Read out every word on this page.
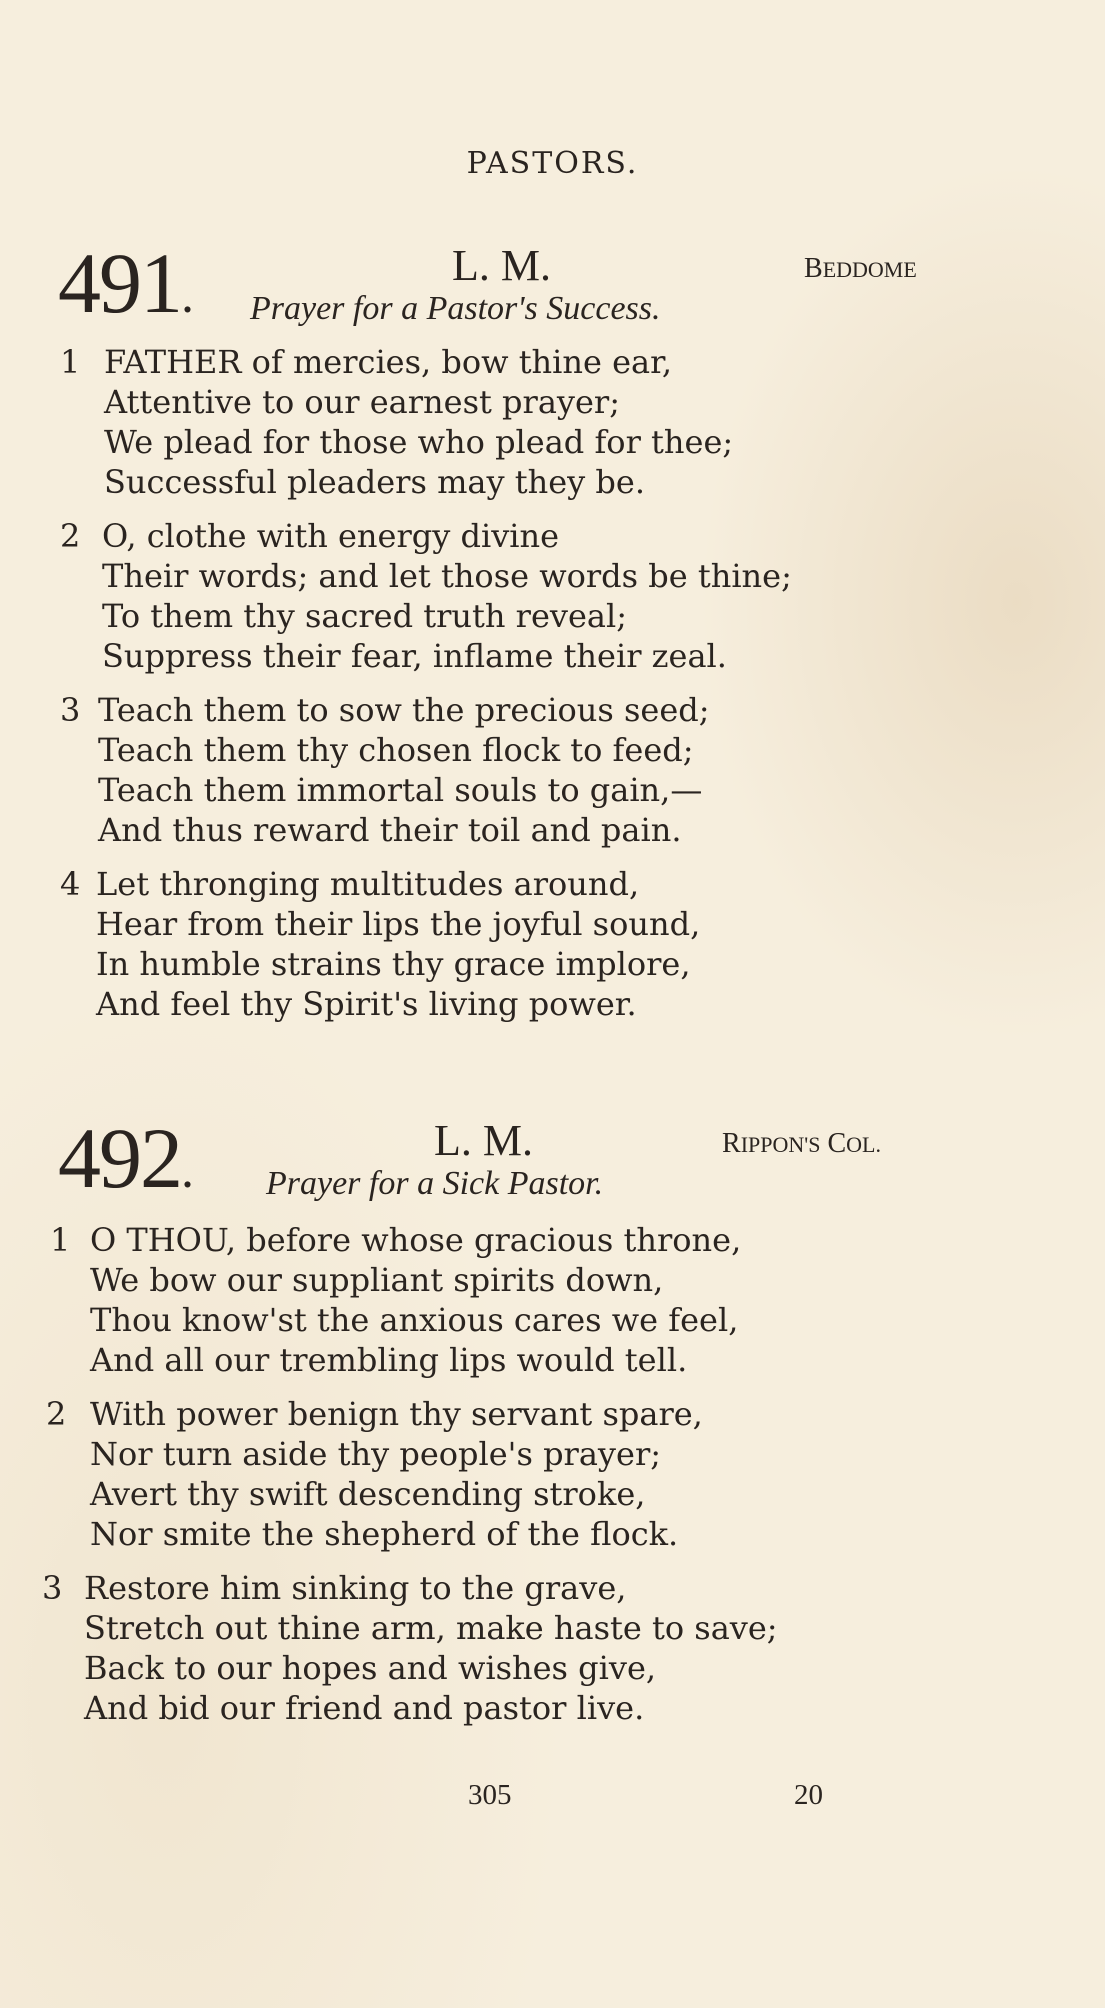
PASTORS.
491.
L. M.	BEDDOME
Prayer for a Pastor's Success.
1 FATHER of mercies, bow thine ear,
Attentive to our earnest prayer;
We plead for those who plead for thee;
Successful pleaders may they be.
2 O, clothe with energy divine
Their words; and let those words be thine;
To them thy sacred truth reveal;
Suppress their fear, inflame their zeal.
3 Teach them to sow the precious seed;
Teach them thy chosen flock to feed;
Teach them immortal souls to gain,—
And thus reward their toil and pain.
4 Let thronging multitudes around,
Hear from their lips the joyful sound,
In humble strains thy grace implore,
And feel thy Spirit's living power.
492.
L. M.	RIPPON'S COL.
Prayer for a Sick Pastor.
1 O THOU, before whose gracious throne,
We bow our suppliant spirits down,
Thou know'st the anxious cares we feel,
And all our trembling lips would tell.
2 With power benign thy servant spare,
Nor turn aside thy people's prayer;
Avert thy swift descending stroke,
Nor smite the shepherd of the flock.
3 Restore him sinking to the grave,
Stretch out thine arm, make haste to save;
Back to our hopes and wishes give,
And bid our friend and pastor live.
305	20
